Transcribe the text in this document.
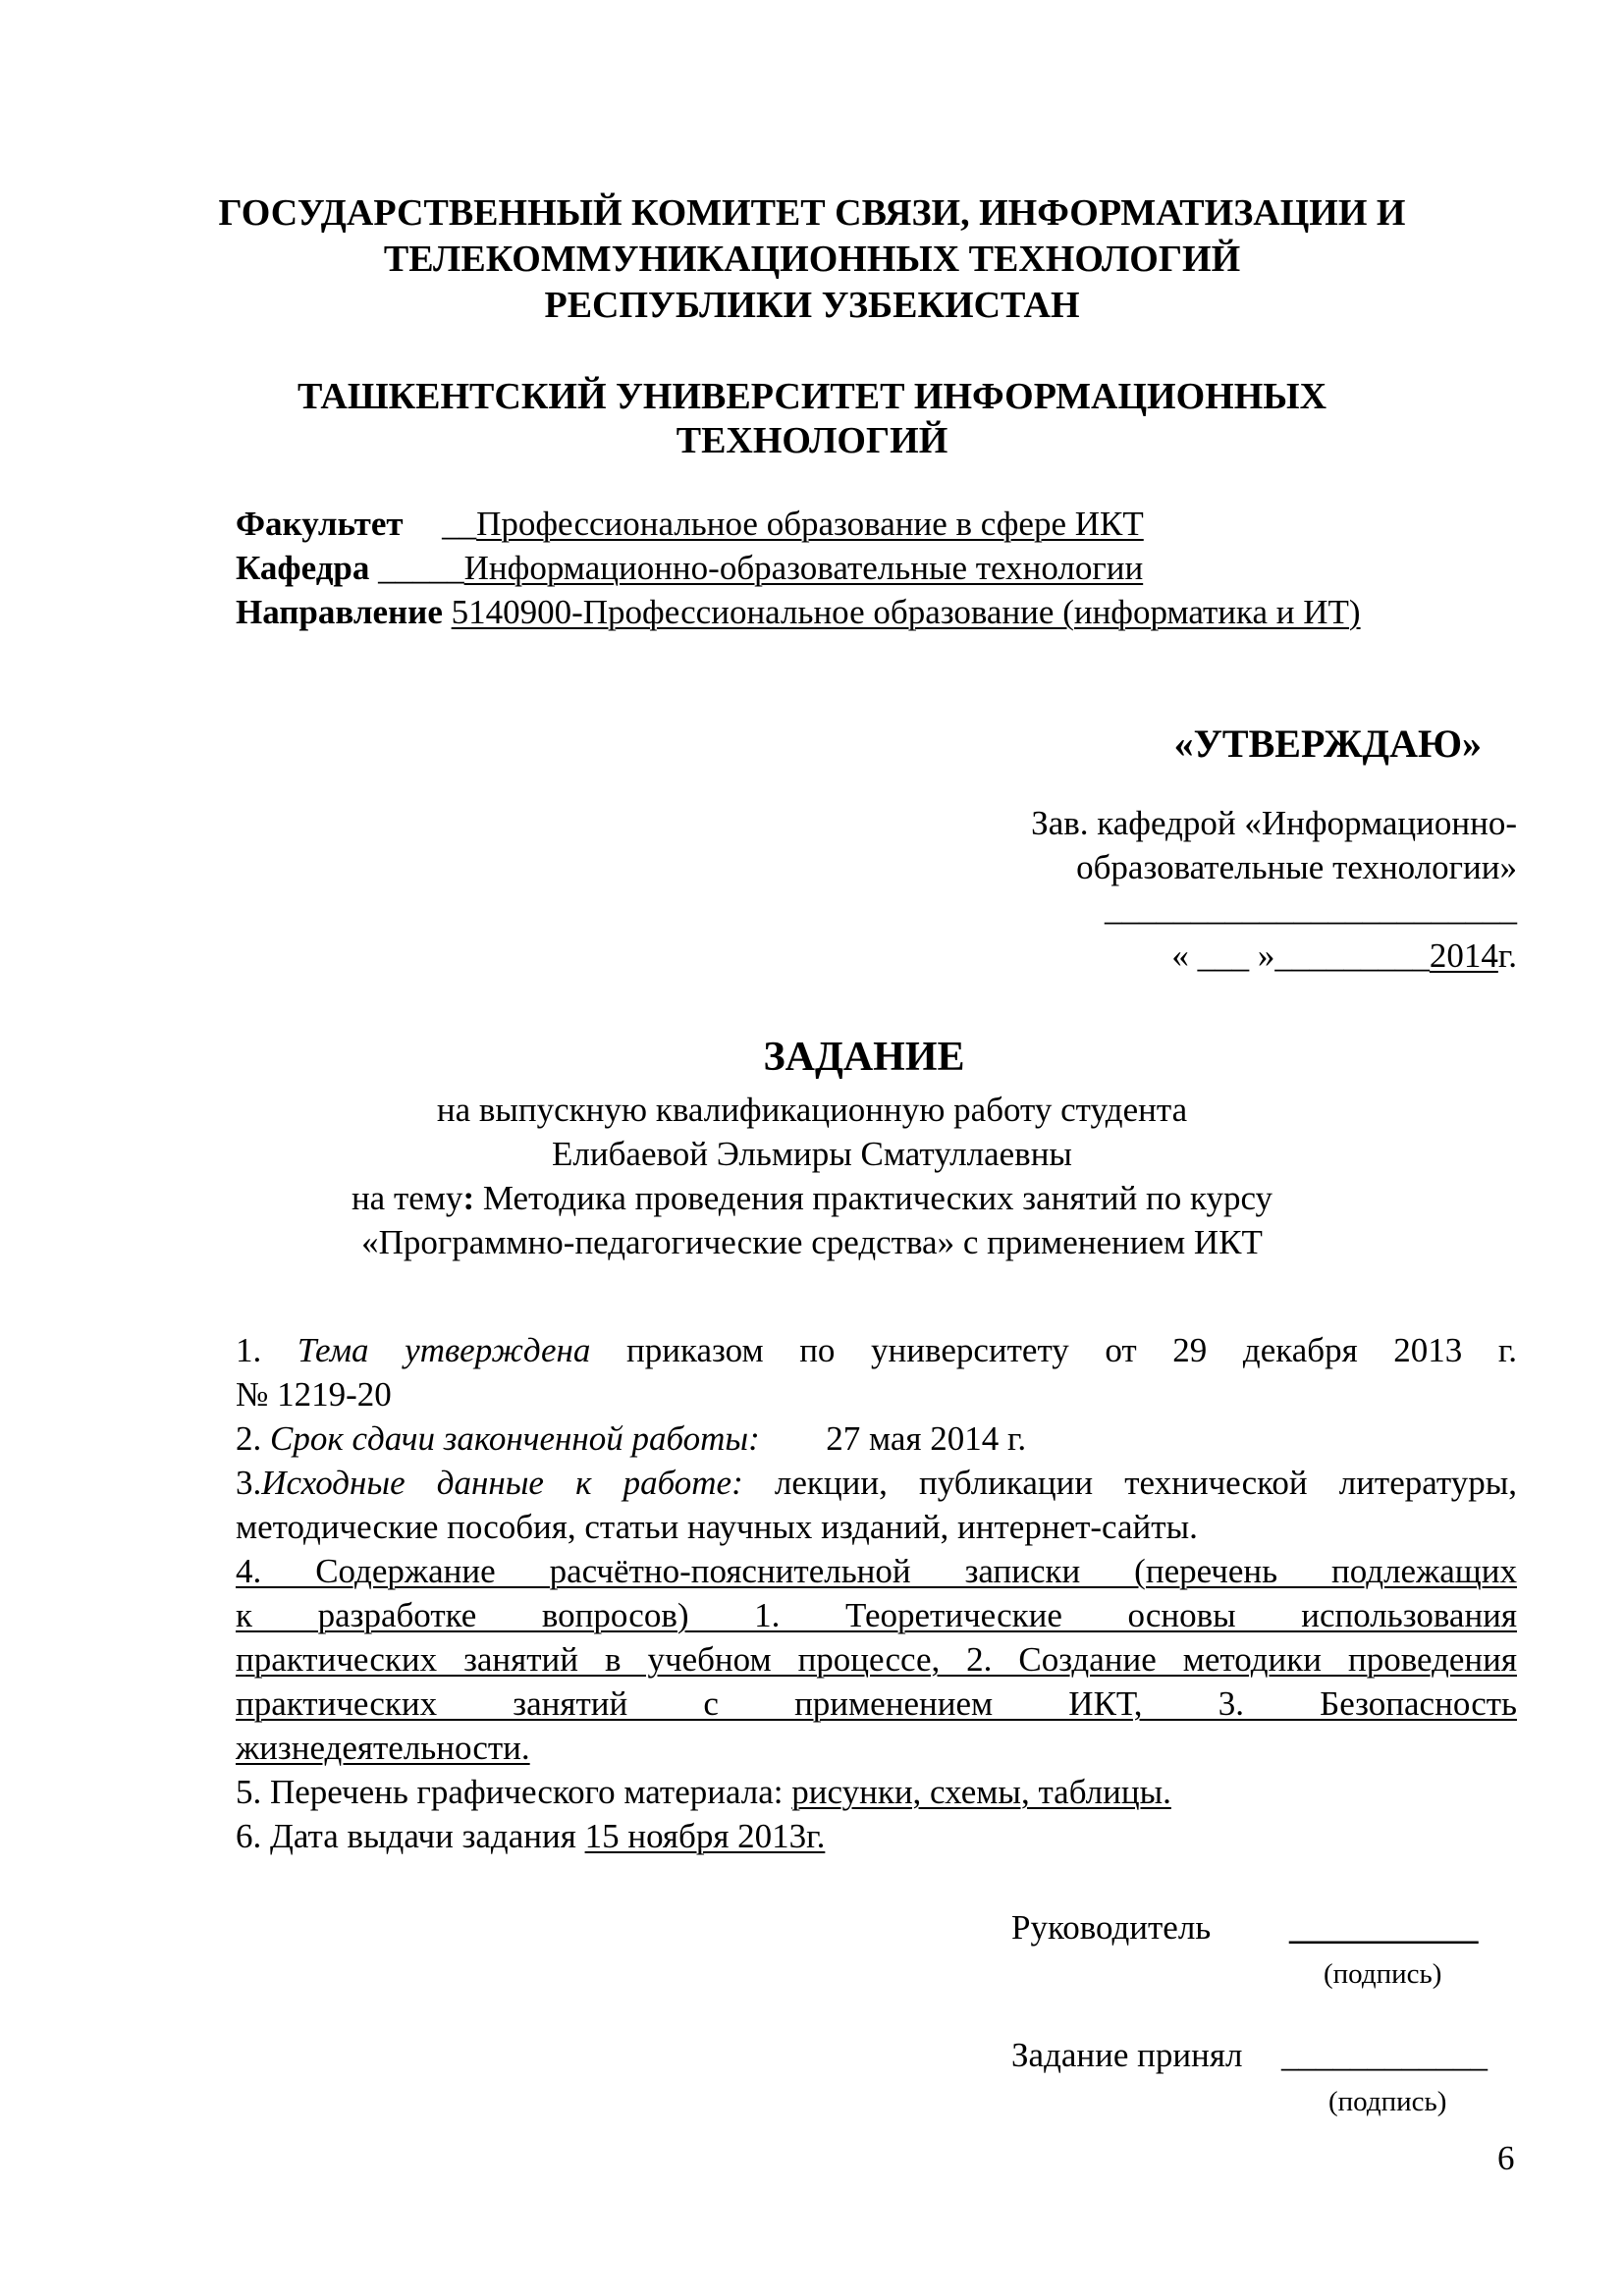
ГОСУДАРСТВЕННЫЙ КОМИТЕТ СВЯЗИ, ИНФОРМАТИЗАЦИИ И
ТЕЛЕКОММУНИКАЦИОННЫХ ТЕХНОЛОГИЙ
РЕСПУБЛИКИ УЗБЕКИСТАН
ТАШКЕНТСКИЙ УНИВЕРСИТЕТ ИНФОРМАЦИОННЫХ
ТЕХНОЛОГИЙ
Факультет __Профессиональное образование в сфере ИКТ
Кафедра _____Информационно-образовательные технологии
Направление 5140900-Профессиональное образование (информатика и ИТ)
«УТВЕРЖДАЮ»
Зав. кафедрой «Информационно-
образовательные технологии»
________________________
« ___ »_________2014г.
ЗАДАНИЕ
на выпускную квалификационную работу студента
Елибаевой Эльмиры Сматуллаевны
на тему: Методика проведения практических занятий по курсу
«Программно-педагогические средства» с применением ИКТ
1. Тема утверждена приказом по университету от 29 декабря 2013 г.
№ 1219-20
2. Срок сдачи законченной работы: 27 мая 2014 г.
3.Исходные данные к работе: лекции, публикации технической литературы,
методические пособия, статьи научных изданий, интернет-сайты.
4. Содержание расчётно-пояснительной записки (перечень подлежащих
к разработке вопросов) 1. Теоретические основы использования
практических занятий в учебном процессе, 2. Создание методики проведения
практических занятий с применением ИКТ, 3. Безопасность
жизнедеятельности.
5. Перечень графического материала: рисунки, схемы, таблицы.
6. Дата выдачи задания 15 ноября 2013г.
Руководитель ___________
(подпись)
Задание принял ____________
(подпись)
6
